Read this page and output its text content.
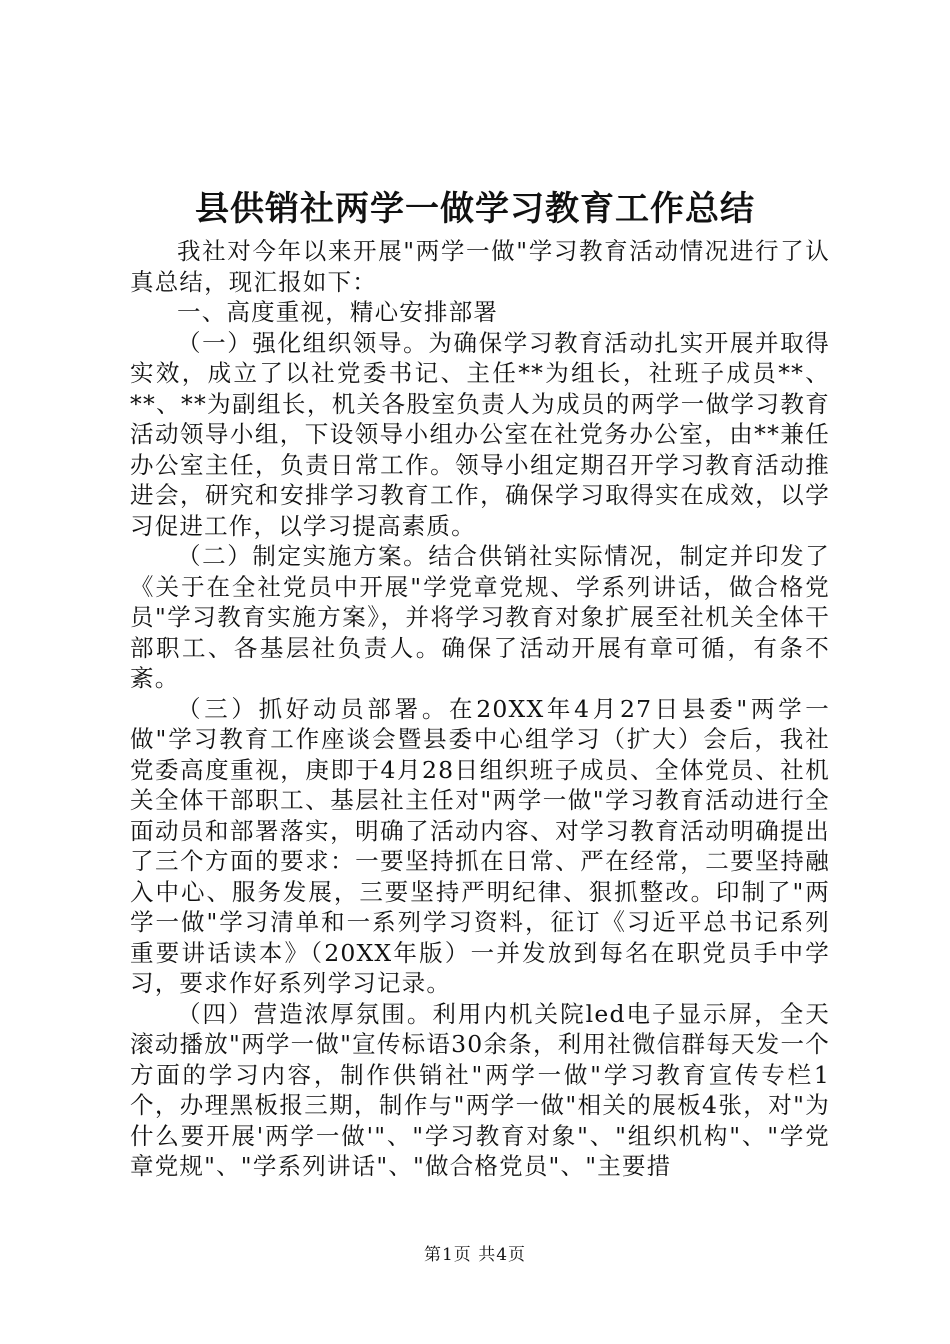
县供销社两学一做学习教育工作总结

我社对今年以来开展"两学一做"学习教育活动情况进行了认真总结，现汇报如下：

一、高度重视，精心安排部署

（一）强化组织领导。为确保学习教育活动扎实开展并取得实效，成立了以社党委书记、主任**为组长，社班子成员**、**、**为副组长，机关各股室负责人为成员的两学一做学习教育活动领导小组，下设领导小组办公室在社党务办公室，由**兼任办公室主任，负责日常工作。领导小组定期召开学习教育活动推进会，研究和安排学习教育工作，确保学习取得实在成效，以学习促进工作，以学习提高素质。

（二）制定实施方案。结合供销社实际情况，制定并印发了《关于在全社党员中开展"学党章党规、学系列讲话，做合格党员"学习教育实施方案》，并将学习教育对象扩展至社机关全体干部职工、各基层社负责人。确保了活动开展有章可循，有条不紊。

（三）抓好动员部署。在20XX年4月27日县委"两学一做"学习教育工作座谈会暨县委中心组学习（扩大）会后，我社党委高度重视，庚即于4月28日组织班子成员、全体党员、社机关全体干部职工、基层社主任对"两学一做"学习教育活动进行全面动员和部署落实，明确了活动内容、对学习教育活动明确提出了三个方面的要求：一要坚持抓在日常、严在经常，二要坚持融入中心、服务发展，三要坚持严明纪律、狠抓整改。印制了"两学一做"学习清单和一系列学习资料，征订《习近平总书记系列重要讲话读本》（20XX年版）一并发放到每名在职党员手中学习，要求作好系列学习记录。

（四）营造浓厚氛围。利用内机关院led电子显示屏，全天滚动播放"两学一做"宣传标语30余条，利用社微信群每天发一个方面的学习内容，制作供销社"两学一做"学习教育宣传专栏1个，办理黑板报三期，制作与"两学一做"相关的展板4张，对"为什么要开展'两学一做'"、"学习教育对象"、"组织机构"、"学党章党规"、"学系列讲话"、"做合格党员"、"主要措

第1页 共4页
